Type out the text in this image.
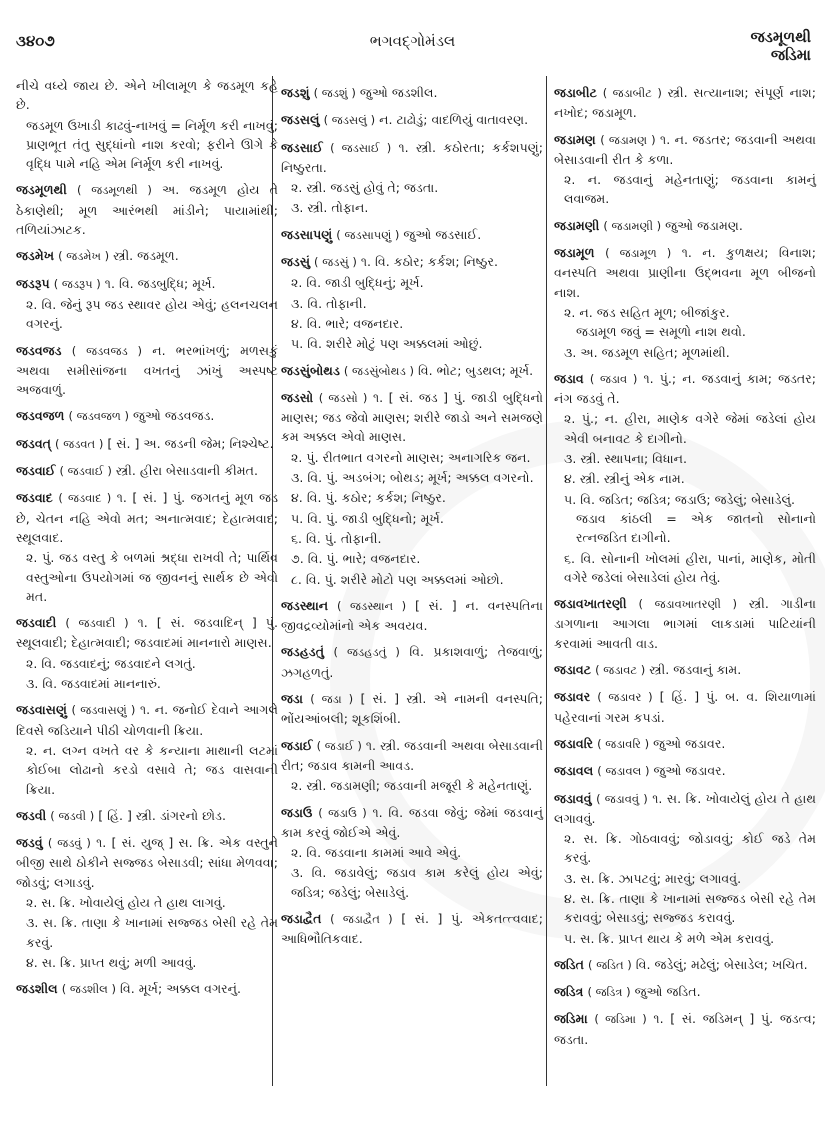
૩૪૦૭	ભગવદ્ગોમંડલ	જડમૂળથી
જડિમા

નીચે વધ્યે જાય છે. એને ખીલામૂળ કે જડમૂળ કહે છે.

જડમૂળ ઉખાડી કાઢવું-નાખવું = નિર્મૂળ કરી નાખવું; પ્રાણભૂત તંતુ સુદ્ધાંનો નાશ કરવો; ફરીને ઊગે કે વૃદ્ધિ પામે નહિ એમ નિર્મૂળ કરી નાખવું.

જડમૂળથી ( જડમૂળથી ) અ. જડમૂળ હોય તે ઠેકાણેથી; મૂળ આરંભથી માંડીને; પાયામાંથી; તળિયાંઝાટક.

જડમેખ ( જડમેખ ) સ્ત્રી. જડમૂળ.

જડરૂપ ( જડરૂપ ) ૧. વિ. જડબુદ્ધિ; મૂર્ખ.

૨. વિ. જેનું રૂપ જડ સ્થાવર હોય એવું; હલનચલન વગરનું.

જડવજડ ( જડવજડ ) ન. ભરભાંખળું; મળસકું અથવા સમીસાંજના વખતનું ઝાંખું અસ્પષ્ટ અજવાળું.

જડવજળ ( જડવજળ ) જુઓ જડવજડ.

જડવત્ ( જડવત ) [ સં. ] અ. જડની જેમ; નિશ્ચેષ્ટ.

જડવાઈ ( જડવાઈ ) સ્ત્રી. હીરા બેસાડવાની કીમત.

જડવાદ ( જડવાદ ) ૧. [ સં. ] પું. જગતનું મૂળ જડ છે, ચેતન નહિ એવો મત; અનાત્મવાદ; દેહાત્મવાદ; સ્થૂલવાદ.

૨. પું. જડ વસ્તુ કે બળમાં શ્રદ્ધા રાખવી તે; પાર્થિવ વસ્તુઓના ઉપયોગમાં જ જીવનનું સાર્થક છે એવો મત.

જડવાદી ( જડવાદી ) ૧. [ સં. જડવાદિન્ ] પું. સ્થૂલવાદી; દેહાત્મવાદી; જડવાદમાં માનનારો માણસ.

૨. વિ. જડવાદનું; જડવાદને લગતું.

૩. વિ. જડવાદમાં માનનારું.

જડવાસણું ( જડવાસણું ) ૧. ન. જનોઈ દેવાને આગલે દિવસે જડિયાને પીઠી ચોળવાની ક્રિયા.

૨. ન. લગ્ન વખતે વર કે કન્યાના માથાની લટમાં કોઈબા લોઢાનો કરડો વસાવે તે; જડ વાસવાની ક્રિયા.

જડવી ( જડવી ) [ હિં. ] સ્ત્રી. ડાંગરનો છોડ.

જડવું ( જડવું ) ૧. [ સં. યુજ્ ] સ. ક્રિ. એક વસ્તુને બીજી સાથે ઠોકીને સજ્જડ બેસાડવી; સાંધા મેળવવા; જોડવું; લગાડવું.

૨. સ. ક્રિ. ખોવાયેલું હોય તે હાથ લાગવું.

૩. સ. ક્રિ. તાણા કે ખાનામાં સજ્જડ બેસી રહે તેમ કરવું.

૪. સ. ક્રિ. પ્રાપ્ત થવું; મળી આવવું.

જડશીલ ( જડશીલ ) વિ. મૂર્ખ; અક્કલ વગરનું.

જડશું ( જડશું ) જુઓ જડશીલ.

જડસલું ( જડસલું ) ન. ટાઢોડું; વાદળિયું વાતાવરણ.

જડસાઈ ( જડસાઈ ) ૧. સ્ત્રી. કઠોરતા; કર્કશપણું; નિષ્ઠુરતા.

૨. સ્ત્રી. જડસું હોવું તે; જડતા.

૩. સ્ત્રી. તોફાન.

જડસાપણું ( જડસાપણું ) જુઓ જડસાઈ.

જડસું ( જડસું ) ૧. વિ. કઠોર; કર્કશ; નિષ્ઠુર.

૨. વિ. જાડી બુદ્ધિનું; મૂર્ખ.

૩. વિ. તોફાની.

૪. વિ. ભારે; વજનદાર.

૫. વિ. શરીરે મોટું પણ અક્કલમાં ઓછું.

જડસુંબોથડ ( જડસુંબોથડ ) વિ. ભોટ; બુડથલ; મૂર્ખ.

જડસો ( જડસો ) ૧. [ સં. જડ ] પું. જાડી બુદ્ધિનો માણસ; જડ જેવો માણસ; શરીરે જાડો અને સમજણે કમ અક્કલ એવો માણસ.

૨. પું. રીતભાત વગરનો માણસ; અનાગરિક જન.

૩. વિ. પું. અડબંગ; બોથડ; મૂર્ખ; અક્કલ વગરનો.

૪. વિ. પું. કઠોર; કર્કશ; નિષ્ઠુર.

૫. વિ. પું. જાડી બુદ્ધિનો; મૂર્ખ.

૬. વિ. પું. તોફાની.

૭. વિ. પું. ભારે; વજનદાર.

૮. વિ. પું. શરીરે મોટો પણ અક્કલમાં ઓછો.

જડસ્થાન ( જડસ્થાન ) [ સં. ] ન. વનસ્પતિના જીવદ્રવ્યોમાંનો એક અવયવ.

જડહડતું ( જડહડતું ) વિ. પ્રકાશવાળું; તેજવાળું; ઝગહળતું.

જડા ( જડા ) [ સં. ] સ્ત્રી. એ નામની વનસ્પતિ; ભોંયઆંબલી; શૂકશિંબી.

જડાઈ ( જડાઈ ) ૧. સ્ત્રી. જડવાની અથવા બેસાડવાની રીત; જડાવ કામની આવડ.

૨. સ્ત્રી. જડામણી; જડવાની મજૂરી કે મહેનતાણું.

જડાઉ ( જડાઉ ) ૧. વિ. જડવા જેવું; જેમાં જડવાનું કામ કરવું જોઈએ એવું.

૨. વિ. જડવાના કામમાં આવે એવું.

૩. વિ. જડાવેલું; જડાવ કામ કરેલું હોય એવું; જડિત્ર; જડેલું; બેસાડેલું.

જડાદ્વૈત ( જડાદ્વૈત ) [ સં. ] પું. એકતત્ત્વવાદ; આધિભૌતિકવાદ.

જડાબીટ ( જડાબીટ ) સ્ત્રી. સત્યાનાશ; સંપૂર્ણ નાશ; નખોદ; જડામૂળ.

જડામણ ( જડામણ ) ૧. ન. જડતર; જડવાની અથવા બેસાડવાની રીત કે કળા.

૨. ન. જડવાનું મહેનતાણું; જડવાના કામનું લવાજમ.

જડામણી ( જડામણી ) જુઓ જડામણ.

જડામૂળ ( જડામૂળ ) ૧. ન. કુળક્ષય; વિનાશ; વનસ્પતિ અથવા પ્રાણીના ઉદ્ભવના મૂળ બીજનો નાશ.

૨. ન. જડ સહિત મૂળ; બીજાંકુર.

જડામૂળ જવું = સમૂળો નાશ થવો.

૩. અ. જડમૂળ સહિત; મૂળમાંથી.

જડાવ ( જડાવ ) ૧. પું.; ન. જડવાનું કામ; જડતર; નંગ જડવું તે.

૨. પું.; ન. હીરા, માણેક વગેરે જેમાં જડેલાં હોય એવી બનાવટ કે દાગીનો.

૩. સ્ત્રી. સ્થાપના; વિધાન.

૪. સ્ત્રી. સ્ત્રીનું એક નામ.

૫. વિ. જડિત; જડિત્ર; જડાઉ; જડેલું; બેસાડેલું.

જડાવ કાંઠલી = એક જાતનો સોનાનો રત્નજડિત દાગીનો.

૬. વિ. સોનાની ખોલમાં હીરા, પાનાં, માણેક, મોતી વગેરે જડેલાં બેસાડેલાં હોય તેવું.

જડાવખાતરણી ( જડાવખાતરણી ) સ્ત્રી. ગાડીના ડાગળાના આગલા ભાગમાં લાકડામાં પાટિયાંની કરવામાં આવતી વાડ.

જડાવટ ( જડાવટ ) સ્ત્રી. જડવાનું કામ.

જડાવર ( જડાવર ) [ હિં. ] પું. બ. વ. શિયાળામાં પહેરવાનાં ગરમ કપડાં.

જડાવરિ ( જડાવરિ ) જુઓ જડાવર.

જડાવલ ( જડાવલ ) જુઓ જડાવર.

જડાવવું ( જડાવવું ) ૧. સ. ક્રિ. ખોવાયેલું હોય તે હાથ લગાવવું.

૨. સ. ક્રિ. ગોઠવાવવું; જોડાવવું; કોઈ જડે તેમ કરવું.

૩. સ. ક્રિ. ઝાપટવું; મારવું; લગાવવું.

૪. સ. ક્રિ. તાણા કે ખાનામાં સજ્જડ બેસી રહે તેમ કરાવવું; બેસાડવું; સજ્જડ કરાવવું.

૫. સ. ક્રિ. પ્રાપ્ત થાય કે મળે એમ કરાવવું.

જડિત ( જડિત ) વિ. જડેલું; મઢેલું; બેસાડેલ; ખચિત.

જડિત્ર ( જડિત્ર ) જુઓ જડિત.

જડિમા ( જડિમા ) ૧. [ સં. જડિમન્ ] પું. જડત્વ; જડતા.
